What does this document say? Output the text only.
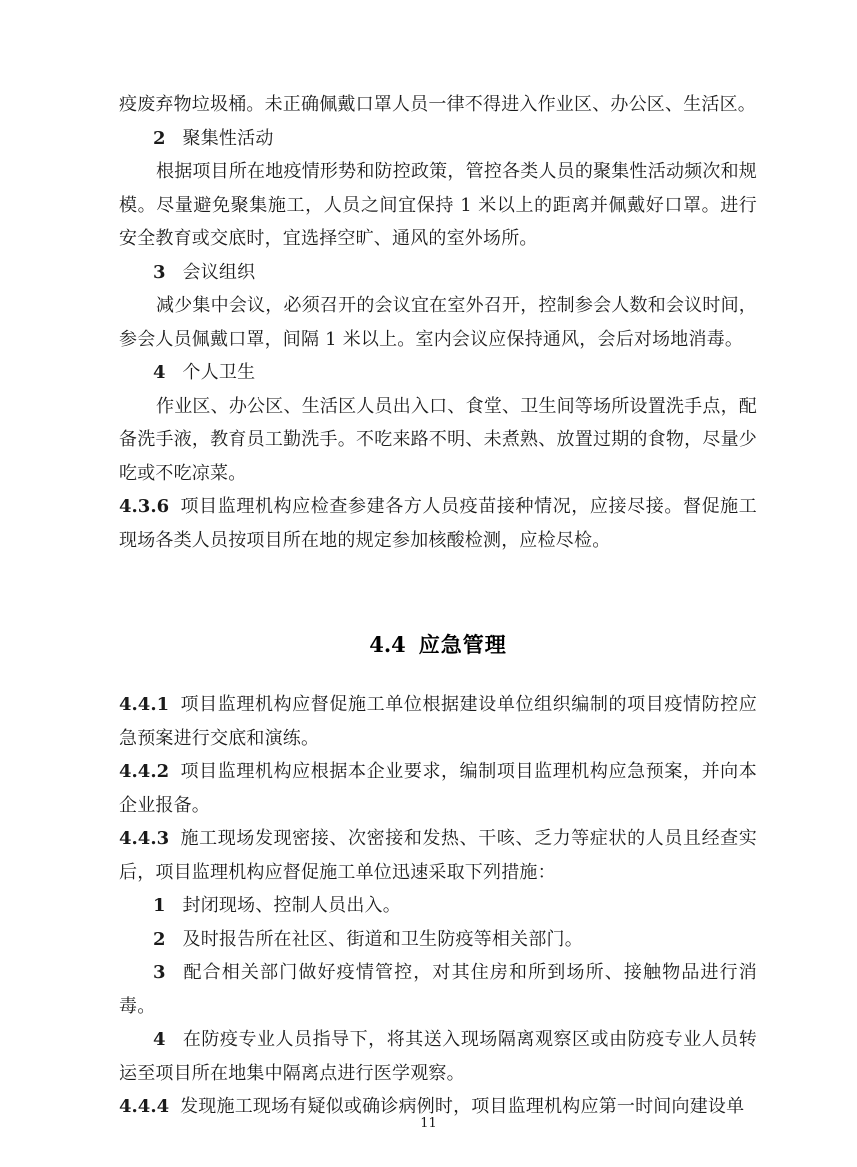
疫废弃物垃圾桶。未正确佩戴口罩人员一律不得进入作业区、办公区、生活区。

2 聚集性活动

根据项目所在地疫情形势和防控政策，管控各类人员的聚集性活动频次和规模。尽量避免聚集施工，人员之间宜保持 1 米以上的距离并佩戴好口罩。进行安全教育或交底时，宜选择空旷、通风的室外场所。

3 会议组织

减少集中会议，必须召开的会议宜在室外召开，控制参会人数和会议时间，参会人员佩戴口罩，间隔 1 米以上。室内会议应保持通风，会后对场地消毒。

4 个人卫生

作业区、办公区、生活区人员出入口、食堂、卫生间等场所设置洗手点，配备洗手液，教育员工勤洗手。不吃来路不明、未煮熟、放置过期的食物，尽量少吃或不吃凉菜。

4.3.6 项目监理机构应检查参建各方人员疫苗接种情况，应接尽接。督促施工现场各类人员按项目所在地的规定参加核酸检测，应检尽检。

4.4 应急管理

4.4.1 项目监理机构应督促施工单位根据建设单位组织编制的项目疫情防控应急预案进行交底和演练。

4.4.2 项目监理机构应根据本企业要求，编制项目监理机构应急预案，并向本企业报备。

4.4.3 施工现场发现密接、次密接和发热、干咳、乏力等症状的人员且经查实后，项目监理机构应督促施工单位迅速采取下列措施：

1 封闭现场、控制人员出入。

2 及时报告所在社区、街道和卫生防疫等相关部门。

3 配合相关部门做好疫情管控，对其住房和所到场所、接触物品进行消毒。

4 在防疫专业人员指导下，将其送入现场隔离观察区或由防疫专业人员转运至项目所在地集中隔离点进行医学观察。

4.4.4 发现施工现场有疑似或确诊病例时，项目监理机构应第一时间向建设单

11
